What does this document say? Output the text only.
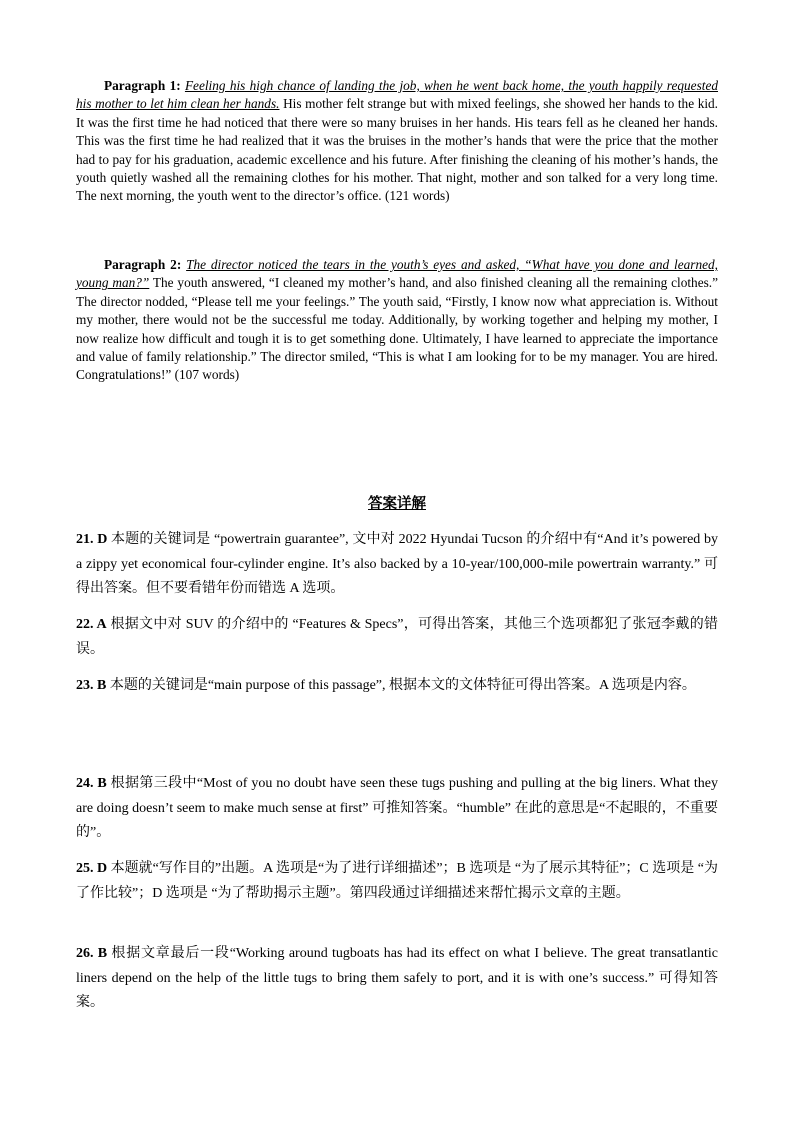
Paragraph 1: Feeling his high chance of landing the job, when he went back home, the youth happily requested his mother to let him clean her hands. His mother felt strange but with mixed feelings, she showed her hands to the kid. It was the first time he had noticed that there were so many bruises in her hands. His tears fell as he cleaned her hands. This was the first time he had realized that it was the bruises in the mother’s hands that were the price that the mother had to pay for his graduation, academic excellence and his future. After finishing the cleaning of his mother’s hands, the youth quietly washed all the remaining clothes for his mother. That night, mother and son talked for a very long time. The next morning, the youth went to the director’s office. (121 words)

Paragraph 2: The director noticed the tears in the youth’s eyes and asked, “What have you done and learned, young man?” The youth answered, “I cleaned my mother’s hand, and also finished cleaning all the remaining clothes.” The director nodded, “Please tell me your feelings.” The youth said, “Firstly, I know now what appreciation is. Without my mother, there would not be the successful me today. Additionally, by working together and helping my mother, I now realize how difficult and tough it is to get something done. Ultimately, I have learned to appreciate the importance and value of family relationship.” The director smiled, “This is what I am looking for to be my manager. You are hired. Congratulations!” (107 words)

答案详解

21. D 本题的关键词是 “powertrain guarantee”, 文中对 2022 Hyundai Tucson 的介绍中有“And it’s powered by a zippy yet economical four-cylinder engine. It’s also backed by a 10-year/100,000-mile powertrain warranty.” 可得出答案。但不要看错年份而错选 A 选项。

22. A 根据文中对 SUV 的介绍中的 “Features & Specs”，可得出答案，其他三个选项都犯了张冠李戴的错误。

23. B 本题的关键词是“main purpose of this passage”, 根据本文的文体特征可得出答案。A 选项是内容。

24. B 根据第三段中“Most of you no doubt have seen these tugs pushing and pulling at the big liners. What they are doing doesn’t seem to make much sense at first” 可推知答案。“humble” 在此的意思是“不起眼的，不重要的”。

25. D 本题就“写作目的”出题。A 选项是“为了进行详细描述”；B 选项是 “为了展示其特征”；C 选项是 “为了作比较”；D 选项是 “为了帮助揭示主题”。第四段通过详细描述来帮忙揭示文章的主题。

26. B 根据文章最后一段“Working around tugboats has had its effect on what I believe. The great transatlantic liners depend on the help of the little tugs to bring them safely to port, and it is with one’s success.” 可得知答案。
